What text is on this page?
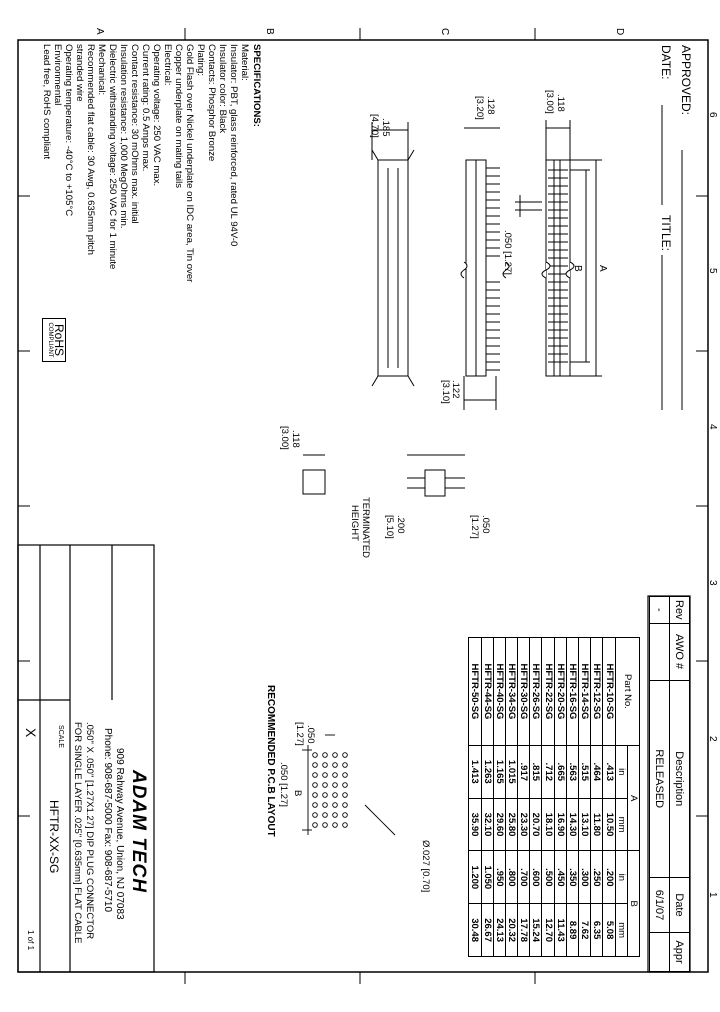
6
5
4
3
2
1
D
C
B
A
APPROVED:
DATE:
TITLE:
.118
[3.00]
.050 [1.27]	A
B
.128
[3.20]
.185
[4.70]
.122
[3.10]
.118
[3.00]
.050
[1.27]
.200
[5.10]
TERMINATED
HEIGHT
SPECIFICATIONS:
Material:
Insulator: PBT, glass reinforced, rated UL 94V-0
Insulator color: Black
Contacts: Phosphor Bronze
Plating:
Gold Flash over Nickel underplate on IDC area, Tin over
Copper underplate on mating tails
Electrical:
Operating voltage: 250 VAC max.
Current rating: 0.5 Amps max.
Contact resistance: 30 mOhms max. initial
Insulation resistance: 1,000 MegOhms min.
Dielectric withstanding voltage: 250 VAC for 1 minute
Mechanical:
Recommended flat cable: 30 Awg, 0.635mm pitch
stranded wire
Operating temperature: -40°C to +105°C
Environmental
Lead free, RoHS compliant
RoHS
COMPLIANT
Rev	AWO #	Description	Date	Appr
-		RELEASED	6/1/07	
Part No.	A		B	
	in	mm	in	mm
HFTR-10-SG	.413	10.50	.200	5.08
HFTR-12-SG	.464	11.80	.250	6.35
HFTR-14-SG	.515	13.10	.300	7.62
HFTR-16-SG	.563	14.30	.350	8.89
HFTR-20-SG	.665	16.90	.450	11.43
HFTR-22-SG	.712	18.10	.500	12.70
HFTR-26-SG	.815	20.70	.600	15.24
HFTR-30-SG	.917	23.30	.700	17.78
HFTR-34-SG	1.015	25.80	.800	20.32
HFTR-40-SG	1.165	29.60	.950	24.13
HFTR-44-SG	1.263	32.10	1.050	26.67
HFTR-50-SG	1.413	35.90	1.200	30.48
RECOMMENDED P.C.B LAYOUT B
.050 [1.27]
.050
[1.27]
Ø.027 [0.70]
ADAM TECH
909 Rahway Avenue, Union, NJ 07083
Phone: 908-687-5000 Fax: 908-687-5710
.050" X .050" [1.27X1.27] DIP PLUG CONNECTOR
FOR SINGLE LAYER .025" [0.635mm] FLAT CABLE
HFTR-XX-SG
SCALE
X
1 of 1
